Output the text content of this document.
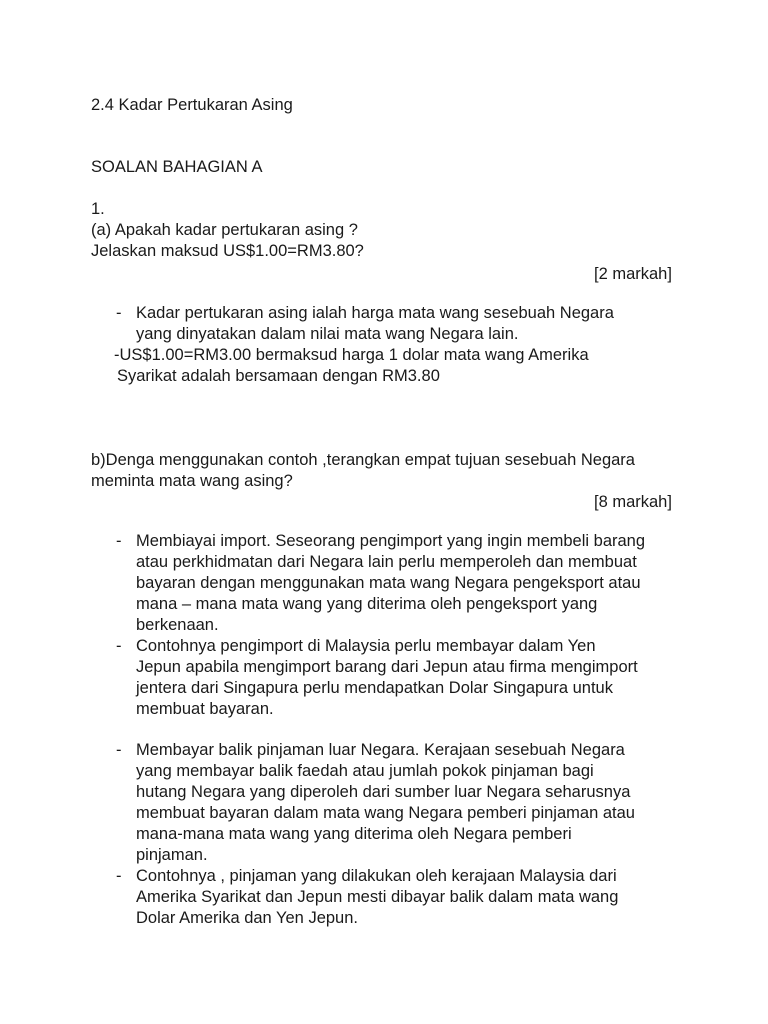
2.4 Kadar Pertukaran Asing
SOALAN BAHAGIAN A
1.
(a) Apakah kadar pertukaran asing ?
Jelaskan maksud US$1.00=RM3.80?
[2 markah]
- Kadar pertukaran asing ialah harga mata wang sesebuah Negara
yang dinyatakan dalam nilai mata wang Negara lain.
-US$1.00=RM3.00 bermaksud harga 1 dolar mata wang Amerika
Syarikat adalah bersamaan dengan RM3.80
b)Denga menggunakan contoh ,terangkan empat tujuan sesebuah Negara
meminta mata wang asing?
[8 markah]
- Membiayai import. Seseorang pengimport yang ingin membeli barang
atau perkhidmatan dari Negara lain perlu memperoleh dan membuat
bayaran dengan menggunakan mata wang Negara pengeksport atau
mana – mana mata wang yang diterima oleh pengeksport yang
berkenaan.
- Contohnya pengimport di Malaysia perlu membayar dalam Yen
Jepun apabila mengimport barang dari Jepun atau firma mengimport
jentera dari Singapura perlu mendapatkan Dolar Singapura untuk
membuat bayaran.
- Membayar balik pinjaman luar Negara. Kerajaan sesebuah Negara
yang membayar balik faedah atau jumlah pokok pinjaman bagi
hutang Negara yang diperoleh dari sumber luar Negara seharusnya
membuat bayaran dalam mata wang Negara pemberi pinjaman atau
mana-mana mata wang yang diterima oleh Negara pemberi
pinjaman.
- Contohnya , pinjaman yang dilakukan oleh kerajaan Malaysia dari
Amerika Syarikat dan Jepun mesti dibayar balik dalam mata wang
Dolar Amerika dan Yen Jepun.
